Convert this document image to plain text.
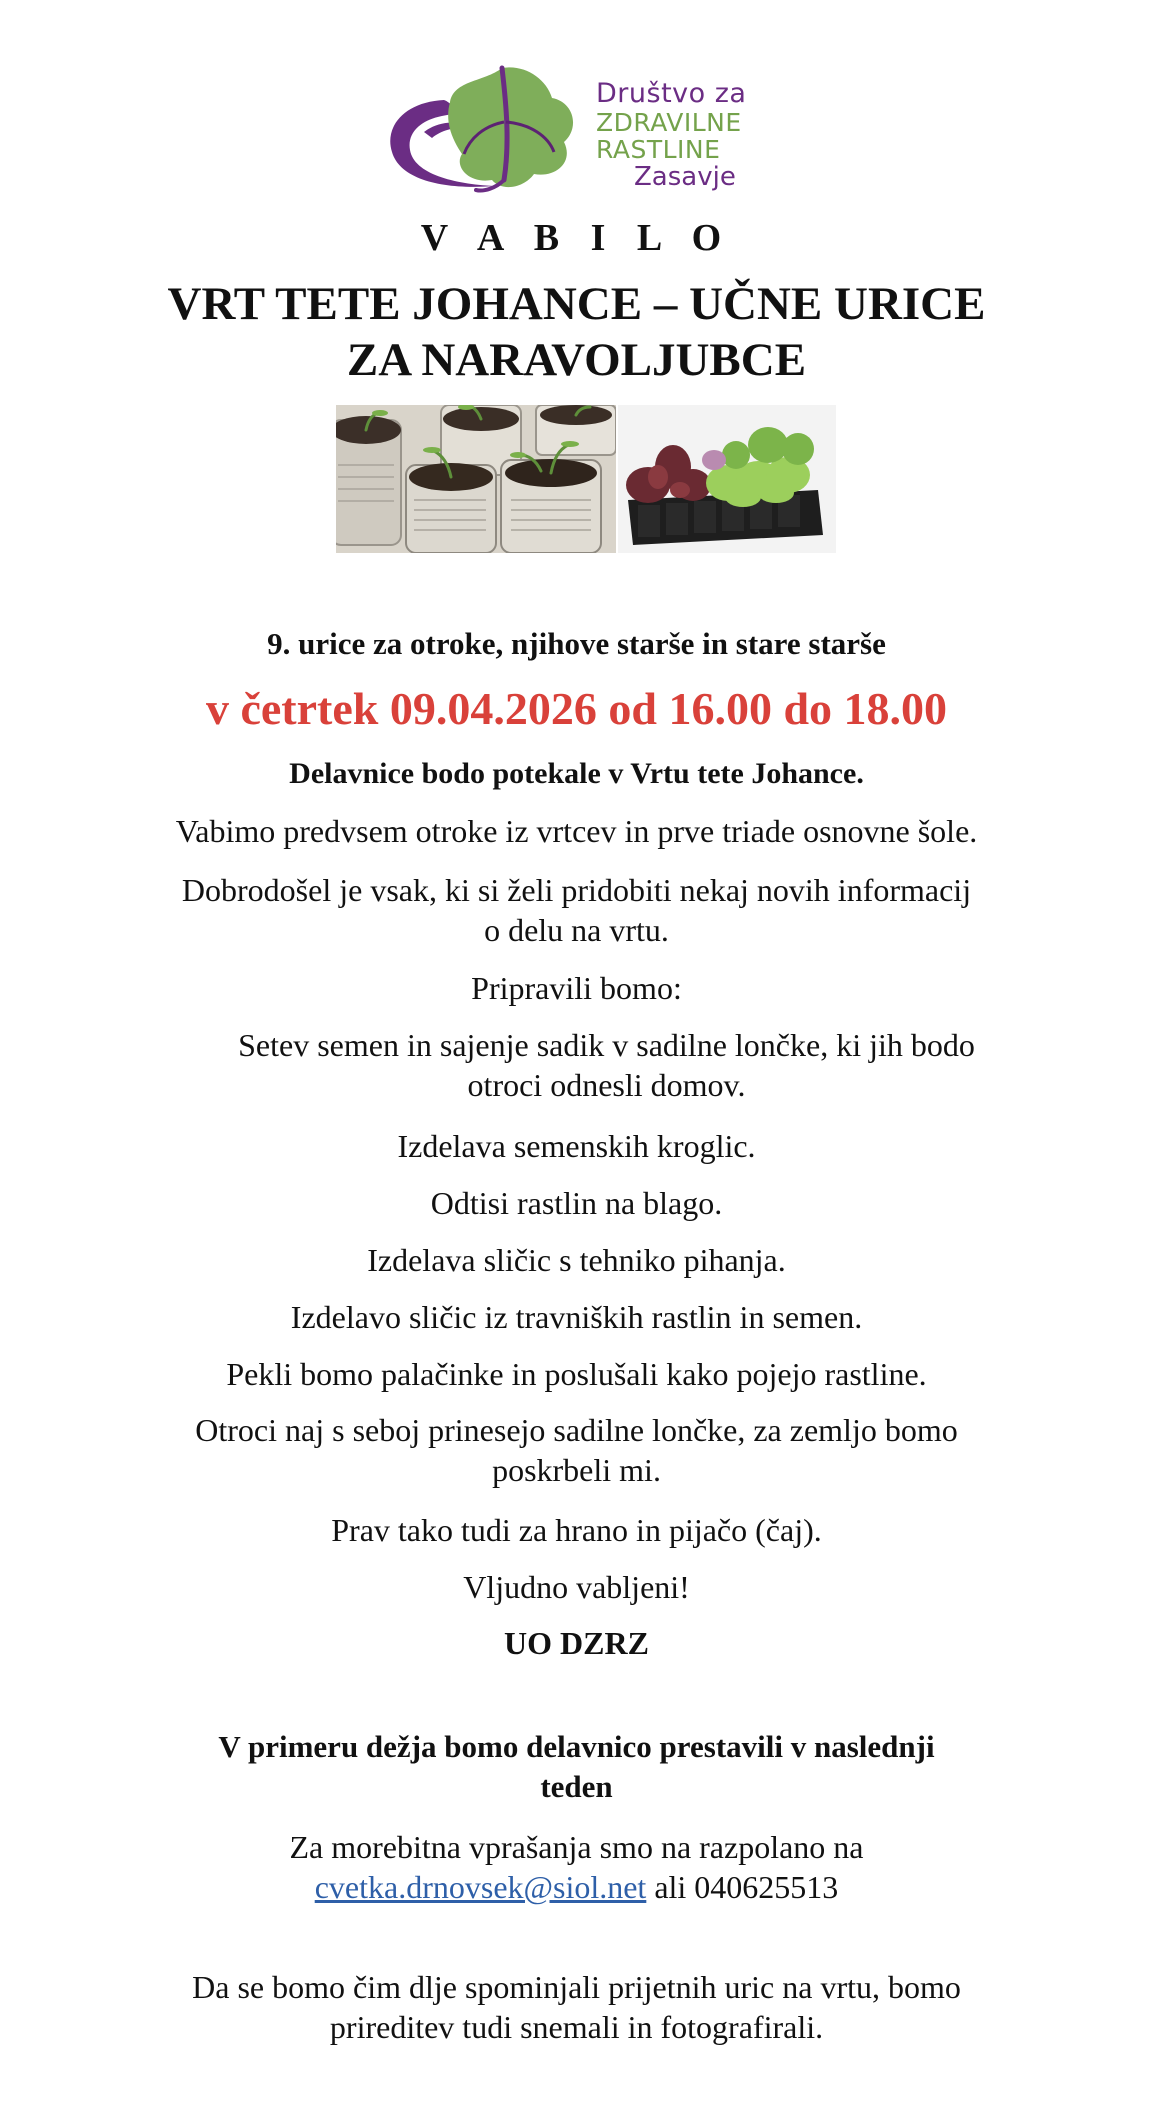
Društvo za
ZDRAVILNE
RASTLINE
Zasavje
V A B I L O
VRT TETE JOHANCE – UČNE URICE
ZA NARAVOLJUBCE
9. urice za otroke, njihove starše in stare starše
v četrtek 09.04.2026 od 16.00 do 18.00
Delavnice bodo potekale v Vrtu tete Johance.
Vabimo predvsem otroke iz vrtcev in prve triade osnovne šole.
Dobrodošel je vsak, ki si želi pridobiti nekaj novih informacij
o delu na vrtu.
Pripravili bomo:
Setev semen in sajenje sadik v sadilne lončke, ki jih bodo
otroci odnesli domov.
Izdelava semenskih kroglic.
Odtisi rastlin na blago.
Izdelava sličic s tehniko pihanja.
Izdelavo sličic iz travniških rastlin in semen.
Pekli bomo palačinke in poslušali kako pojejo rastline.
Otroci naj s seboj prinesejo sadilne lončke, za zemljo bomo
poskrbeli mi.
Prav tako tudi za hrano in pijačo (čaj).
Vljudno vabljeni!
UO DZRZ
V primeru dežja bomo delavnico prestavili v naslednji
teden
Za morebitna vprašanja smo na razpolano na
cvetka.drnovsek@siol.net ali 040625513
Da se bomo čim dlje spominjali prijetnih uric na vrtu, bomo
prireditev tudi snemali in fotografirali.
